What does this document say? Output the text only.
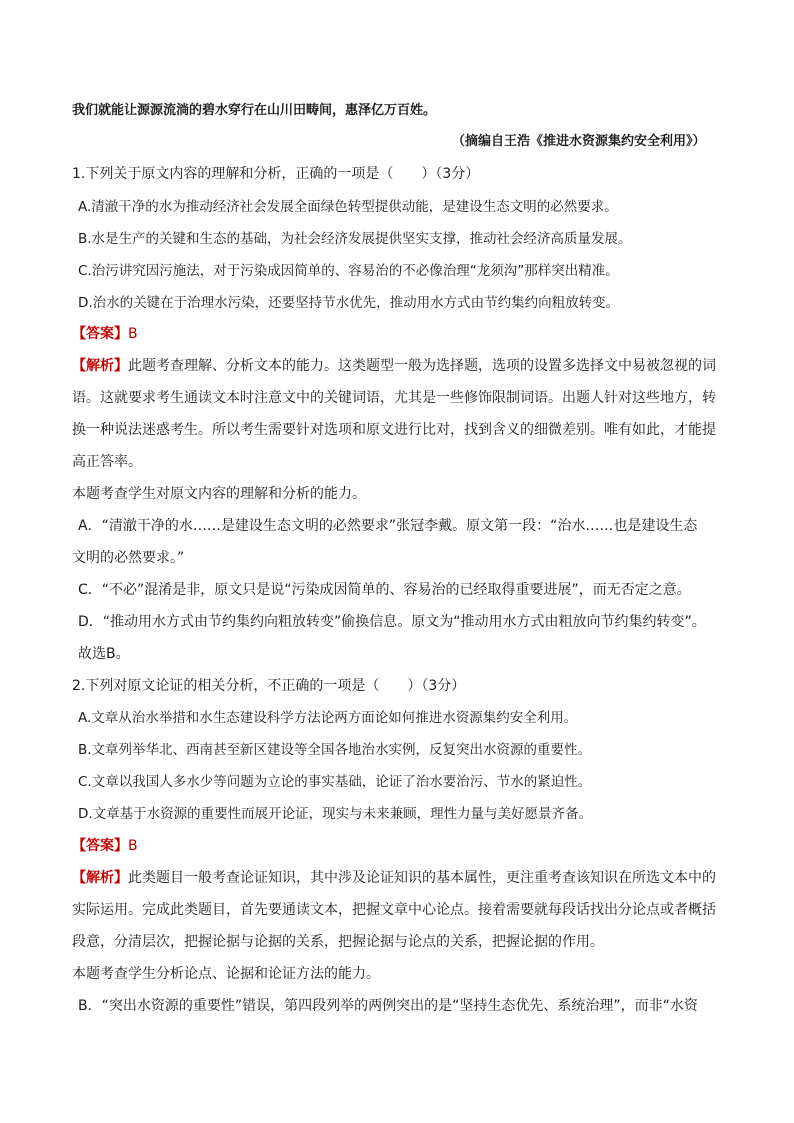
我们就能让源源流淌的碧水穿行在山川田畴间，惠泽亿万百姓。
（摘编自王浩《推进水资源集约安全利用》）
1.下列关于原文内容的理解和分析，正确的一项是（　　）（3分）
A.清澈干净的水为推动经济社会发展全面绿色转型提供动能，是建设生态文明的必然要求。
B.水是生产的关键和生态的基础，为社会经济发展提供坚实支撑，推动社会经济高质量发展。
C.治污讲究因污施法，对于污染成因简单的、容易治的不必像治理“龙须沟”那样突出精准。
D.治水的关键在于治理水污染，还要坚持节水优先，推动用水方式由节约集约向粗放转变。
【答案】B
【解析】此题考查理解、分析文本的能力。这类题型一般为选择题，选项的设置多选择文中易被忽视的词
语。这就要求考生通读文本时注意文中的关键词语，尤其是一些修饰限制词语。出题人针对这些地方，转
换一种说法迷惑考生。所以考生需要针对选项和原文进行比对，找到含义的细微差别。唯有如此，才能提
高正答率。
本题考查学生对原文内容的理解和分析的能力。
A．“清澈干净的水……是建设生态文明的必然要求”张冠李戴。原文第一段：“治水……也是建设生态
文明的必然要求。”
C．“不必”混淆是非，原文只是说“污染成因简单的、容易治的已经取得重要进展”，而无否定之意。
D．“推动用水方式由节约集约向粗放转变”偷换信息。原文为“推动用水方式由粗放向节约集约转变”。
故选B。
2.下列对原文论证的相关分析，不正确的一项是（　　）（3分）
A.文章从治水举措和水生态建设科学方法论两方面论如何推进水资源集约安全利用。
B.文章列举华北、西南甚至新区建设等全国各地治水实例，反复突出水资源的重要性。
C.文章以我国人多水少等问题为立论的事实基础，论证了治水要治污、节水的紧迫性。
D.文章基于水资源的重要性而展开论证，现实与未来兼顾，理性力量与美好愿景齐备。
【答案】B
【解析】此类题目一般考查论证知识，其中涉及论证知识的基本属性，更注重考查该知识在所选文本中的
实际运用。完成此类题目，首先要通读文本，把握文章中心论点。接着需要就每段话找出分论点或者概括
段意，分清层次，把握论据与论据的关系，把握论据与论点的关系，把握论据的作用。
本题考查学生分析论点、论据和论证方法的能力。
B．“突出水资源的重要性”错误，第四段列举的两例突出的是“坚持生态优先、系统治理”，而非“水资
